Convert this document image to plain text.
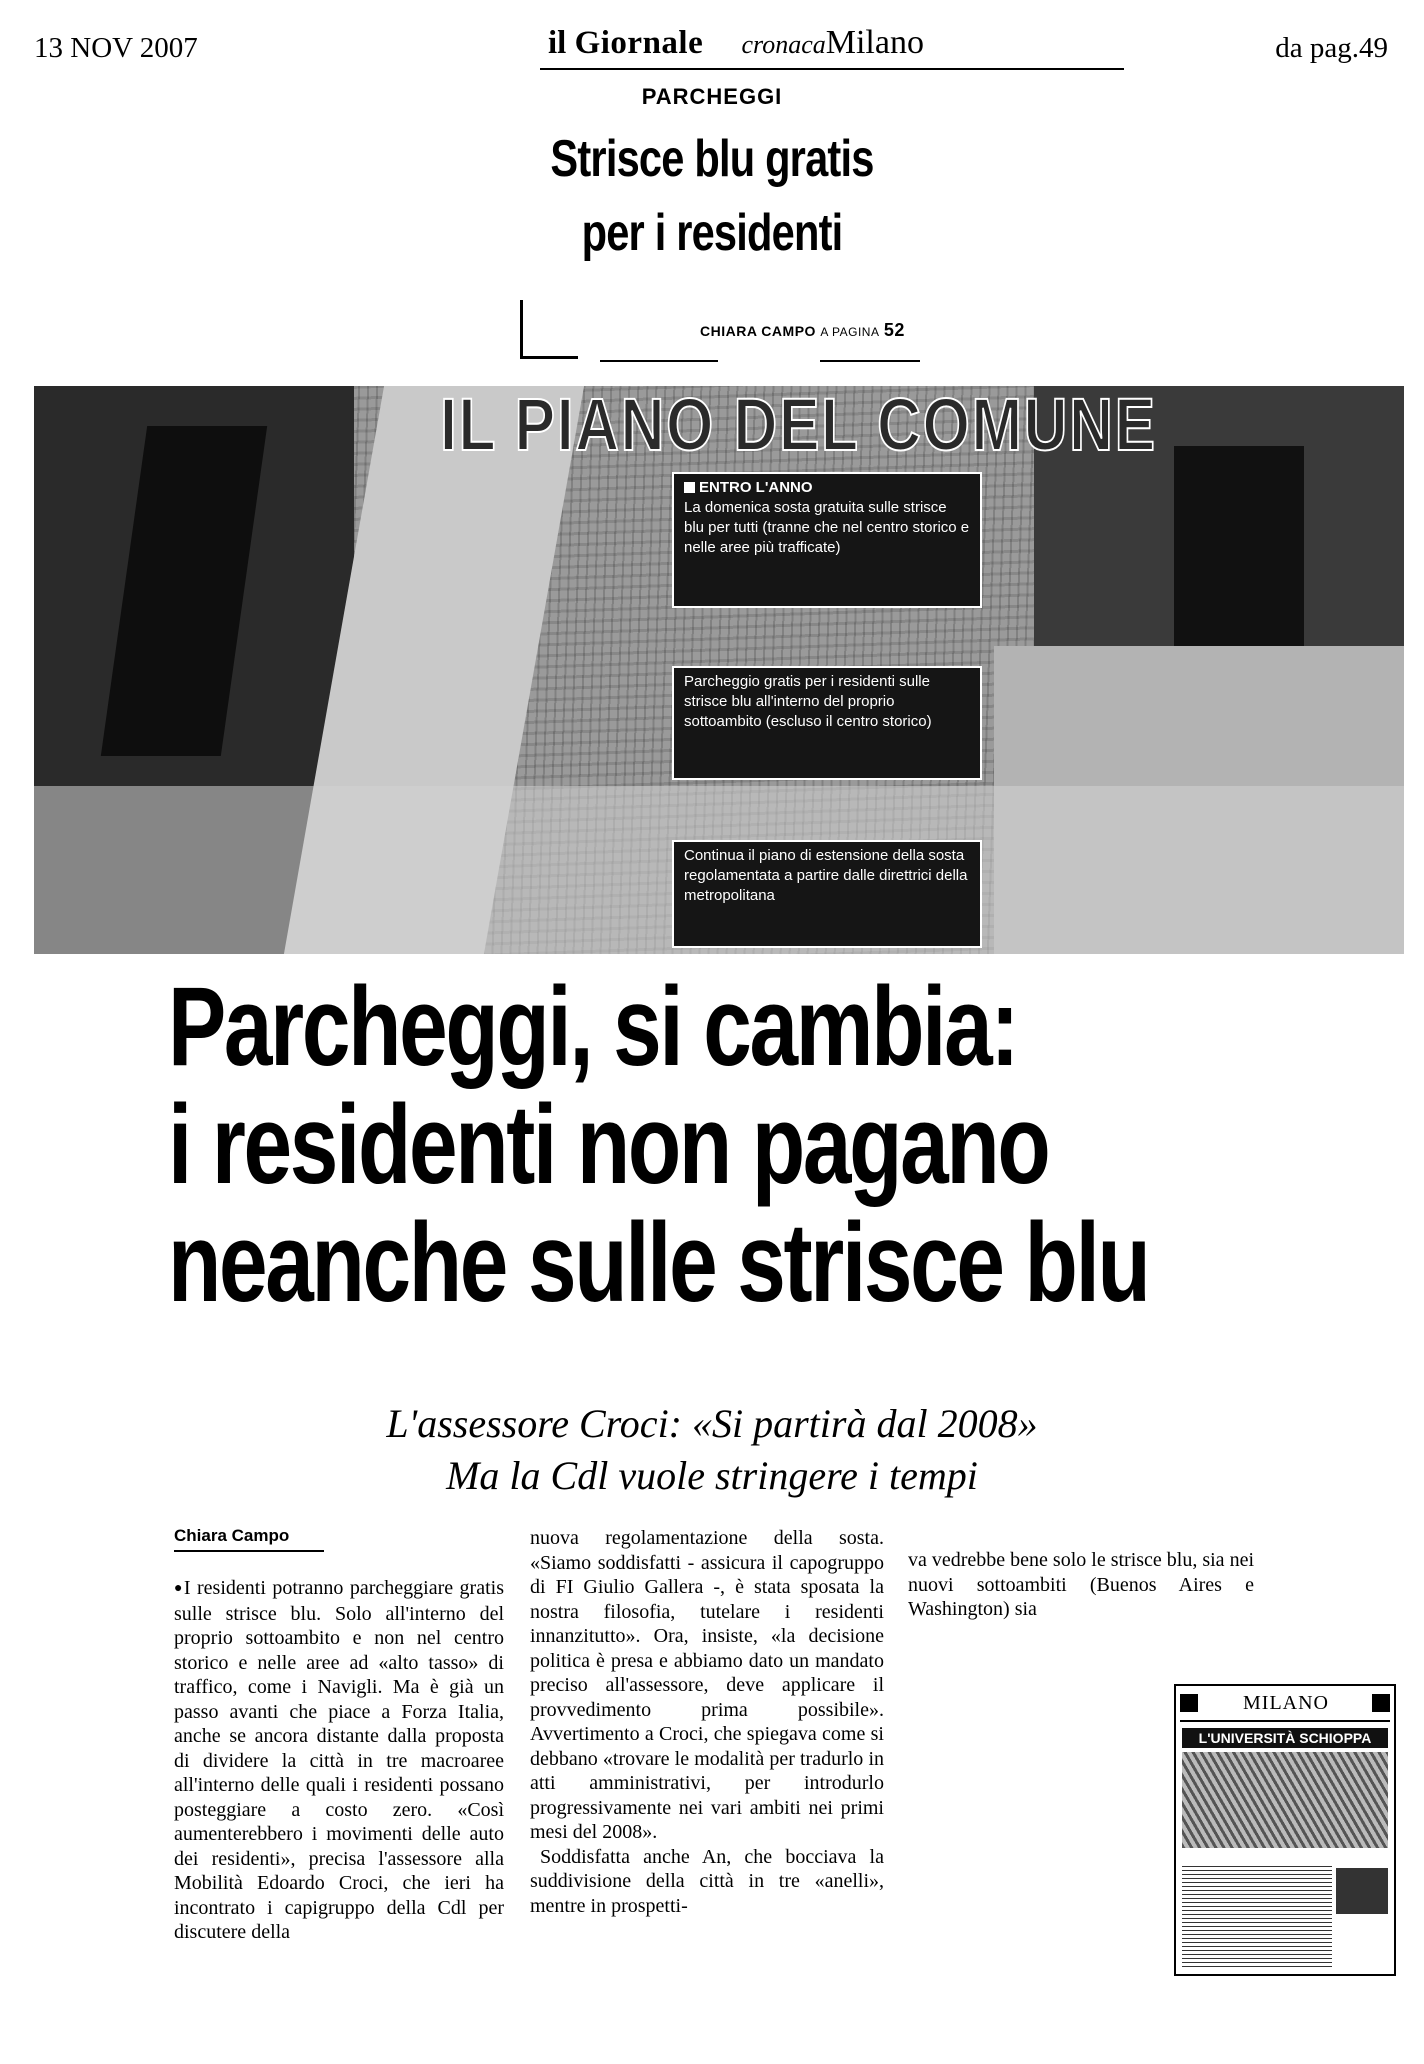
13 NOV 2007	il Giornale cronacaMilano	da pag.49
PARCHEGGI
Strisce blu gratis
per i residenti
CHIARA CAMPO A PAGINA 52
IL PIANO DEL COMUNE
ENTRO L'ANNO
La domenica sosta gratuita sulle strisce blu per tutti (tranne che nel centro storico e nelle aree più trafficate)
Parcheggio gratis per i residenti sulle strisce blu all'interno del proprio sottoambito (escluso il centro storico)
Continua il piano di estensione della sosta regolamentata a partire dalle direttrici della metropolitana
Parcheggi, si cambia:
i residenti non pagano
neanche sulle strisce blu
L'assessore Croci: «Si partirà dal 2008»
Ma la Cdl vuole stringere i tempi
Chiara Campo

●I residenti potranno parcheggiare gratis sulle strisce blu. Solo all'interno del proprio sottoambito e non nel centro storico e nelle aree ad «alto tasso» di traffico, come i Navigli. Ma è già un passo avanti che piace a Forza Italia, anche se ancora distante dalla proposta di dividere la città in tre macroaree all'interno delle quali i residenti possano posteggiare a costo zero. «Così aumenterebbero i movimenti delle auto dei residenti», precisa l'assessore alla Mobilità Edoardo Croci, che ieri ha incontrato i capigruppo della Cdl per discutere della

nuova regolamentazione della sosta. «Siamo soddisfatti - assicura il capogruppo di FI Giulio Gallera -, è stata sposata la nostra filosofia, tutelare i residenti innanzitutto». Ora, insiste, «la decisione politica è presa e abbiamo dato un mandato preciso all'assessore, deve applicare il provvedimento prima possibile». Avvertimento a Croci, che spiegava come si debbano «trovare le modalità per tradurlo in atti amministrativi, per introdurlo progressivamente nei vari ambiti nei primi mesi del 2008».

Soddisfatta anche An, che bocciava la suddivisione della città in tre «anelli», mentre in prospetti-

va vedrebbe bene solo le strisce blu, sia nei nuovi sottoambiti (Buenos Aires e Washington) sia

MILANO
L'UNIVERSITÀ SCHIOPPA
